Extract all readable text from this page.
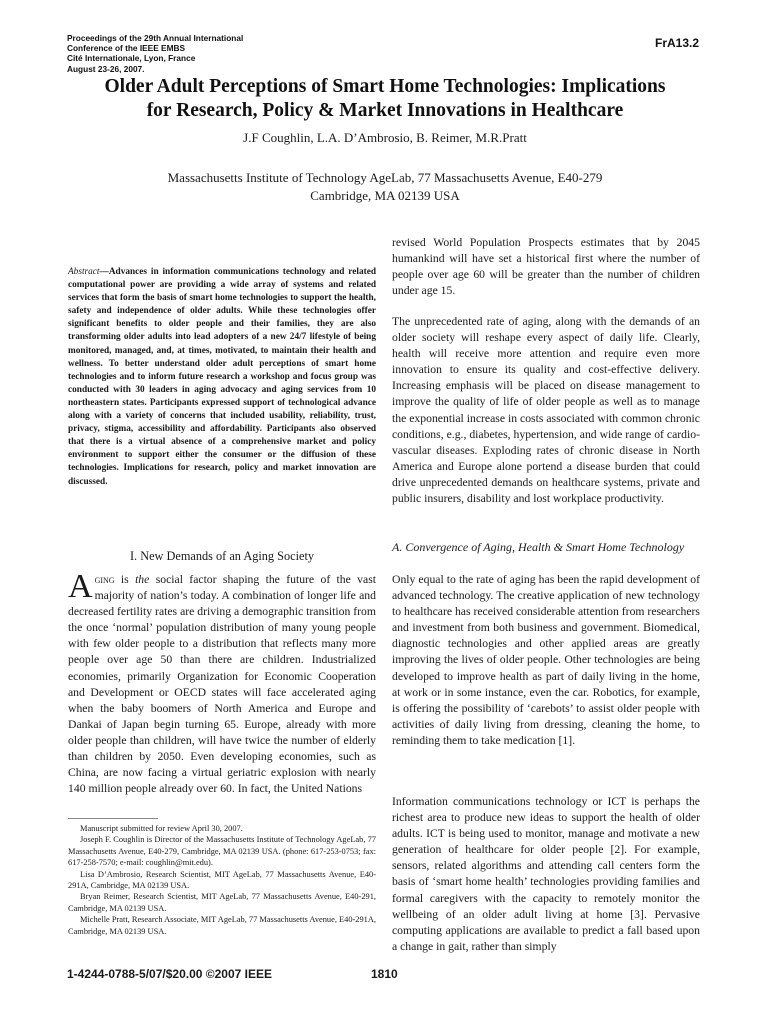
Proceedings of the 29th Annual International
Conference of the IEEE EMBS
Cité Internationale, Lyon, France
August 23-26, 2007.
FrA13.2
Older Adult Perceptions of Smart Home Technologies: Implications
for Research, Policy & Market Innovations in Healthcare
J.F Coughlin, L.A. D’Ambrosio, B. Reimer, M.R.Pratt
Massachusetts Institute of Technology AgeLab, 77 Massachusetts Avenue, E40-279
Cambridge, MA 02139 USA
Abstract—Advances in information communications technology and related computational power are providing a wide array of systems and related services that form the basis of smart home technologies to support the health, safety and independence of older adults. While these technologies offer significant benefits to older people and their families, they are also transforming older adults into lead adopters of a new 24/7 lifestyle of being monitored, managed, and, at times, motivated, to maintain their health and wellness. To better understand older adult perceptions of smart home technologies and to inform future research a workshop and focus group was conducted with 30 leaders in aging advocacy and aging services from 10 northeastern states. Participants expressed support of technological advance along with a variety of concerns that included usability, reliability, trust, privacy, stigma, accessibility and affordability. Participants also observed that there is a virtual absence of a comprehensive market and policy environment to support either the consumer or the diffusion of these technologies. Implications for research, policy and market innovation are discussed.
I. New Demands of an Aging Society
Aging is the social factor shaping the future of the vast majority of nation’s today. A combination of longer life and decreased fertility rates are driving a demographic transition from the once ‘normal’ population distribution of many young people with few older people to a distribution that reflects many more people over age 50 than there are children. Industrialized economies, primarily Organization for Economic Cooperation and Development or OECD states will face accelerated aging when the baby boomers of North America and Europe and Dankai of Japan begin turning 65. Europe, already with more older people than children, will have twice the number of elderly than children by 2050. Even developing economies, such as China, are now facing a virtual geriatric explosion with nearly 140 million people already over 60. In fact, the United Nations

Manuscript submitted for review April 30, 2007.

Joseph F. Coughlin is Director of the Massachusetts Institute of Technology AgeLab, 77 Massachusetts Avenue, E40-279, Cambridge, MA 02139 USA. (phone: 617-253-0753; fax: 617-258-7570; e-mail: coughlin@mit.edu).

Lisa D’Ambrosio, Research Scientist, MIT AgeLab, 77 Massachusetts Avenue, E40-291A, Cambridge, MA 02139 USA.

Bryan Reimer, Research Scientist, MIT AgeLab, 77 Massachusetts Avenue, E40-291, Cambridge, MA 02139 USA.

Michelle Pratt, Research Associate, MIT AgeLab, 77 Massachusetts Avenue, E40-291A, Cambridge, MA 02139 USA.

revised World Population Prospects estimates that by 2045 humankind will have set a historical first where the number of people over age 60 will be greater than the number of children under age 15.

The unprecedented rate of aging, along with the demands of an older society will reshape every aspect of daily life. Clearly, health will receive more attention and require even more innovation to ensure its quality and cost-effective delivery. Increasing emphasis will be placed on disease management to improve the quality of life of older people as well as to manage the exponential increase in costs associated with common chronic conditions, e.g., diabetes, hypertension, and wide range of cardio-vascular diseases. Exploding rates of chronic disease in North America and Europe alone portend a disease burden that could drive unprecedented demands on healthcare systems, private and public insurers, disability and lost workplace productivity.

A. Convergence of Aging, Health & Smart Home Technology

Only equal to the rate of aging has been the rapid development of advanced technology. The creative application of new technology to healthcare has received considerable attention from researchers and investment from both business and government. Biomedical, diagnostic technologies and other applied areas are greatly improving the lives of older people. Other technologies are being developed to improve health as part of daily living in the home, at work or in some instance, even the car. Robotics, for example, is offering the possibility of ‘carebots’ to assist older people with activities of daily living from dressing, cleaning the home, to reminding them to take medication [1].

Information communications technology or ICT is perhaps the richest area to produce new ideas to support the health of older adults. ICT is being used to monitor, manage and motivate a new generation of healthcare for older people [2]. For example, sensors, related algorithms and attending call centers form the basis of ‘smart home health’ technologies providing families and formal caregivers with the capacity to remotely monitor the wellbeing of an older adult living at home [3]. Pervasive computing applications are available to predict a fall based upon a change in gait, rather than simply

1-4244-0788-5/07/$20.00 ©2007 IEEE	1810
